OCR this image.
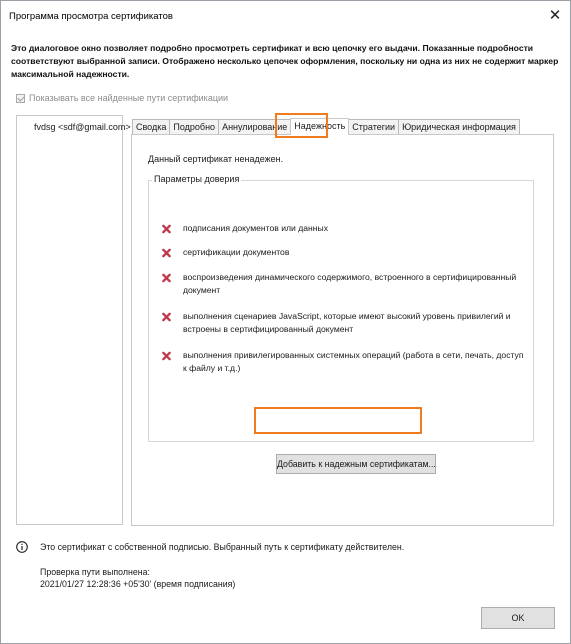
Программа просмотра сертификатов	✕
Это диалоговое окно позволяет подробно просмотреть сертификат и всю цепочку его выдачи. Показанные подробности соответствуют выбранной записи. Отображено несколько цепочек оформления, поскольку ни одна из них не содержит маркер максимальной надежности.
Показывать все найденные пути сертификации
fvdsg <sdf@gmail.com> Сводка Подробно Аннулирование Надежность Стратегии Юридическая информация
Данный сертификат ненадежен.
Параметры доверия
подписания документов или данных
сертификации документов
воспроизведения динамического содержимого, встроенного в сертифицированный документ
выполнения сценариев JavaScript, которые имеют высокий уровень привилегий и встроены в сертифицированный документ
выполнения привилегированных системных операций (работа в сети, печать, доступ к файлу и т.д.)
Добавить к надежным сертификатам...
Это сертификат с собственной подписью. Выбранный путь к сертификату действителен.
Проверка пути выполнена:
2021/01/27 12:28:36 +05'30' (время подписания)
OK
